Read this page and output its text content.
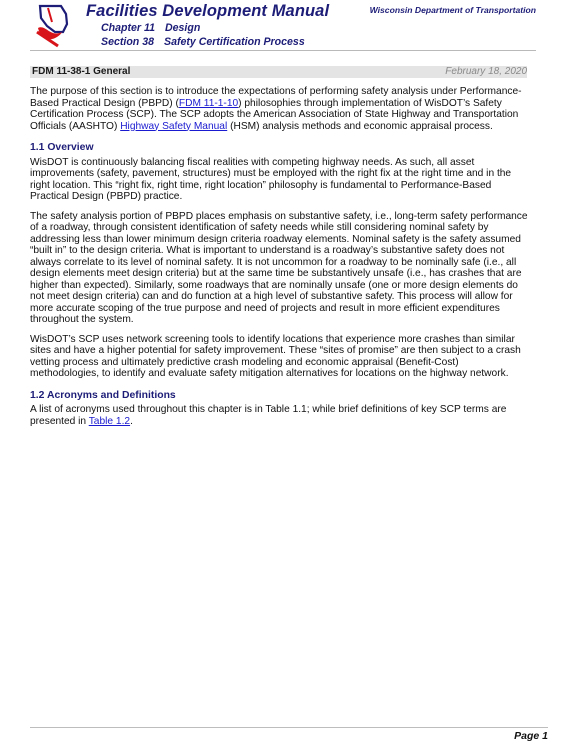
Facilities Development Manual
Chapter 11 Design
Section 38 Safety Certification Process
Wisconsin Department of Transportation
FDM 11-38-1 General	February 18, 2020

The purpose of this section is to introduce the expectations of performing safety analysis under Performance-Based Practical Design (PBPD) (FDM 11-1-10) philosophies through implementation of WisDOT’s Safety Certification Process (SCP). The SCP adopts the American Association of State Highway and Transportation Officials (AASHTO) Highway Safety Manual (HSM) analysis methods and economic appraisal process.

1.1 Overview

WisDOT is continuously balancing fiscal realities with competing highway needs. As such, all asset improvements (safety, pavement, structures) must be employed with the right fix at the right time and in the right location. This “right fix, right time, right location” philosophy is fundamental to Performance-Based Practical Design (PBPD) practice.

The safety analysis portion of PBPD places emphasis on substantive safety, i.e., long-term safety performance of a roadway, through consistent identification of safety needs while still considering nominal safety by addressing less than lower minimum design criteria roadway elements. Nominal safety is the safety assumed “built in” to the design criteria. What is important to understand is a roadway’s substantive safety does not always correlate to its level of nominal safety. It is not uncommon for a roadway to be nominally safe (i.e., all design elements meet design criteria) but at the same time be substantively unsafe (i.e., has crashes that are higher than expected). Similarly, some roadways that are nominally unsafe (one or more design elements do not meet design criteria) can and do function at a high level of substantive safety. This process will allow for more accurate scoping of the true purpose and need of projects and result in more efficient expenditures throughout the system.

WisDOT’s SCP uses network screening tools to identify locations that experience more crashes than similar sites and have a higher potential for safety improvement. These “sites of promise” are then subject to a crash vetting process and ultimately predictive crash modeling and economic appraisal (Benefit-Cost) methodologies, to identify and evaluate safety mitigation alternatives for locations on the highway network.

1.2 Acronyms and Definitions

A list of acronyms used throughout this chapter is in Table 1.1; while brief definitions of key SCP terms are presented in Table 1.2.

Page 1
